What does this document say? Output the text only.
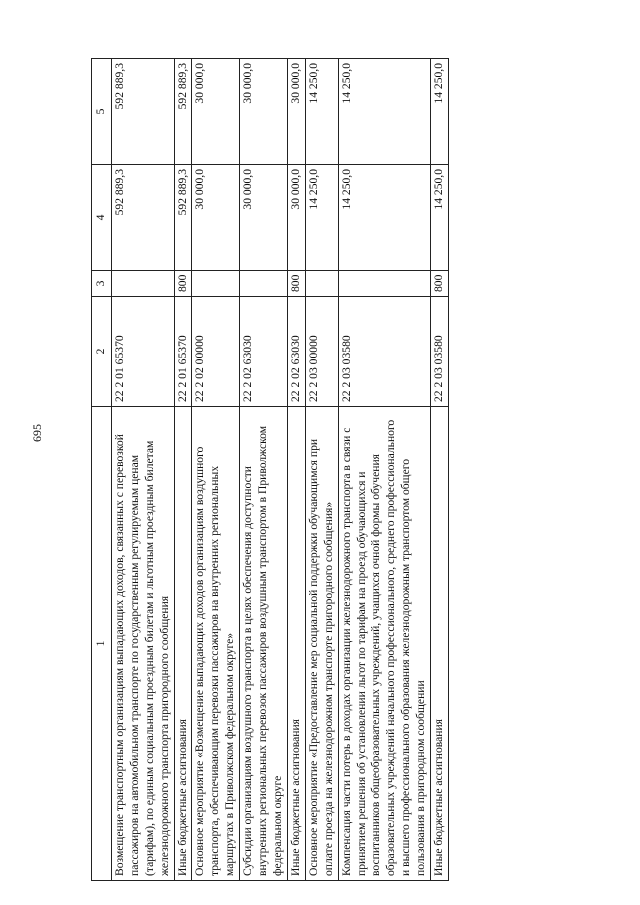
695
1	2	3	4	5
Возмещение транспортным организациям выпадающих доходов, связанных с перевозкой пассажиров на автомобильном транспорте по государственным регулируемым ценам (тарифам), по единым социальным проездным билетам и льготным проездным билетам железнодорожного транспорта пригородного сообщения	22 2 01 65370		592 889,3	592 889,3
Иные бюджетные ассигнования	22 2 01 65370	800	592 889,3	592 889,3
Основное мероприятие «Возмещение выпадающих доходов организациям воздушного транспорта, обеспечивающим перевозки пассажиров на внутренних региональных маршрутах в Приволжском федеральном округе»	22 2 02 00000		30 000,0	30 000,0
Субсидии организациям воздушного транспорта в целях обеспечения доступности внутренних региональных перевозок пассажиров воздушным транспортом в Приволжском федеральном округе	22 2 02 63030		30 000,0	30 000,0
Иные бюджетные ассигнования	22 2 02 63030	800	30 000,0	30 000,0
Основное мероприятие «Предоставление мер социальной поддержки обучающимся при оплате проезда на железнодорожном транспорте пригородного сообщения»	22 2 03 00000		14 250,0	14 250,0
Компенсация части потерь в доходах организации железнодорожного транспорта в связи с принятием решения об установлении льгот по тарифам на проезд обучающихся и воспитанников общеобразовательных учреждений, учащихся очной формы обучения образовательных учреждений начального профессионального, среднего профессионального и высшего профессионального образования железнодорожным транспортом общего пользования в пригородном сообщении	22 2 03 03580		14 250,0	14 250,0
Иные бюджетные ассигнования	22 2 03 03580	800	14 250,0	14 250,0
